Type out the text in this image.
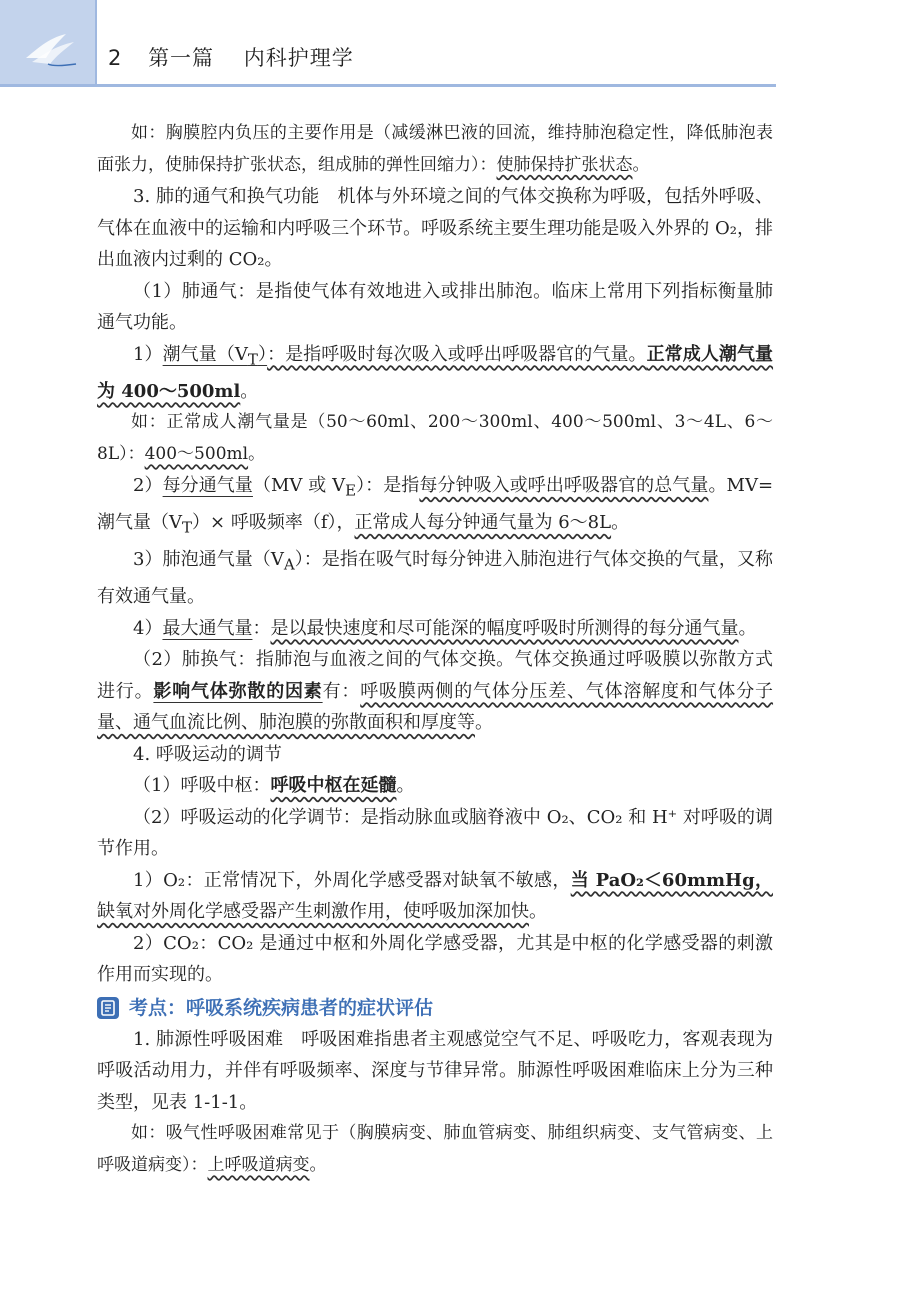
2 第一篇 内科护理学

如：胸膜腔内负压的主要作用是（减缓淋巴液的回流，维持肺泡稳定性，降低肺泡表面张力，使肺保持扩张状态，组成肺的弹性回缩力）：使肺保持扩张状态。

3. 肺的通气和换气功能　机体与外环境之间的气体交换称为呼吸，包括外呼吸、气体在血液中的运输和内呼吸三个环节。呼吸系统主要生理功能是吸入外界的 O₂，排出血液内过剩的 CO₂。

（1）肺通气：是指使气体有效地进入或排出肺泡。临床上常用下列指标衡量肺通气功能。

1）潮气量$(V_T)$：是指呼吸时每次吸入或呼出呼吸器官的气量。正常成人潮气量为 400～500ml。

如：正常成人潮气量是（50～60ml、200～300ml、400～500ml、3～4L、6～8L）：400～500ml。

2）每分通气量（MV 或 $V_E$）：是指每分钟吸入或呼出呼吸器官的总气量。MV=潮气量$(V_T)\times$ 呼吸频率（f），正常成人每分钟通气量为 6～8L。

3）肺泡通气量$(V_A)$：是指在吸气时每分钟进入肺泡进行气体交换的气量，又称有效通气量。

4）最大通气量：是以最快速度和尽可能深的幅度呼吸时所测得的每分通气量。

（2）肺换气：指肺泡与血液之间的气体交换。气体交换通过呼吸膜以弥散方式进行。影响气体弥散的因素有：呼吸膜两侧的气体分压差、气体溶解度和气体分子量、通气血流比例、肺泡膜的弥散面积和厚度等。

4. 呼吸运动的调节

（1）呼吸中枢：呼吸中枢在延髓。

（2）呼吸运动的化学调节：是指动脉血或脑脊液中 O₂、CO₂ 和 H⁺ 对呼吸的调节作用。

1）O₂：正常情况下，外周化学感受器对缺氧不敏感，当 PaO₂＜60mmHg，缺氧对外周化学感受器产生刺激作用，使呼吸加深加快。

2）CO₂：CO₂ 是通过中枢和外周化学感受器，尤其是中枢的化学感受器的刺激作用而实现的。

考点：呼吸系统疾病患者的症状评估

1. 肺源性呼吸困难　呼吸困难指患者主观感觉空气不足、呼吸吃力，客观表现为呼吸活动用力，并伴有呼吸频率、深度与节律异常。肺源性呼吸困难临床上分为三种类型，见表 1-1-1。

如：吸气性呼吸困难常见于（胸膜病变、肺血管病变、肺组织病变、支气管病变、上呼吸道病变）：上呼吸道病变。
